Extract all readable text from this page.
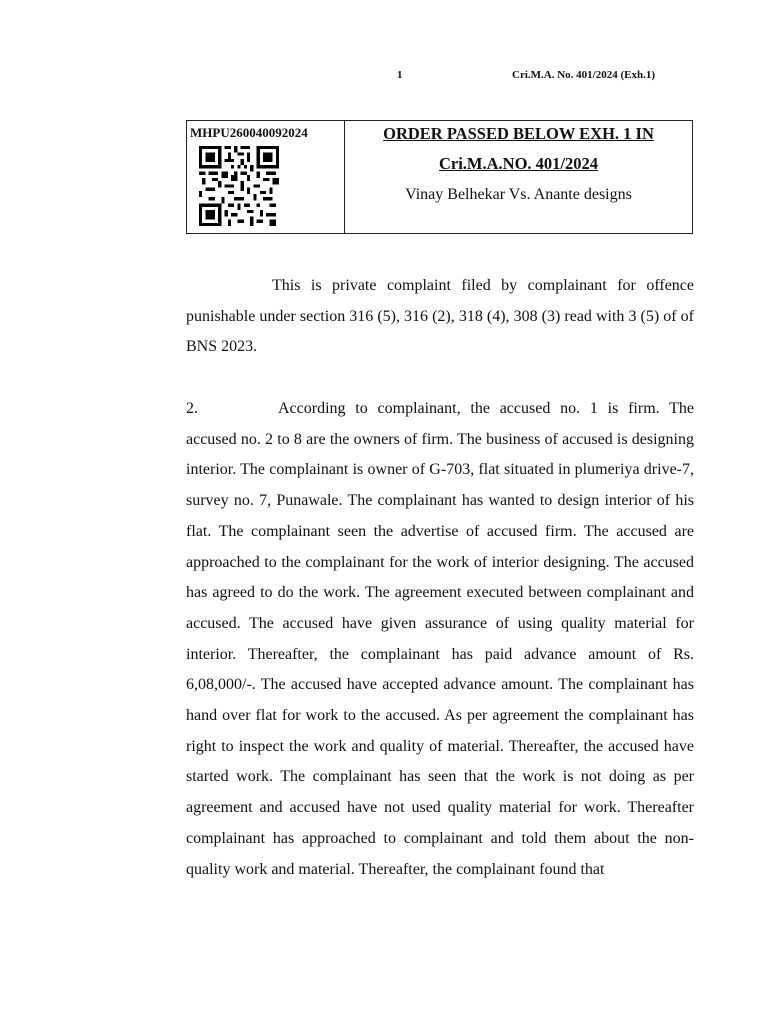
1	Cri.M.A. No. 401/2024 (Exh.1)
MHPU260040092024	ORDER PASSED BELOW EXH. 1 IN
Cri.M.A.NO. 401/2024
Vinay Belhekar Vs. Anante designs
This is private complaint filed by complainant for offence punishable under section 316 (5), 316 (2), 318 (4), 308 (3) read with 3 (5) of of BNS 2023.
2.	According to complainant, the accused no. 1 is firm. The accused no. 2 to 8 are the owners of firm. The business of accused is designing interior. The complainant is owner of G-703, flat situated in plumeriya drive-7, survey no. 7, Punawale. The complainant has wanted to design interior of his flat. The complainant seen the advertise of accused firm. The accused are approached to the complainant for the work of interior designing. The accused has agreed to do the work. The agreement executed between complainant and accused. The accused have given assurance of using quality material for interior. Thereafter, the complainant has paid advance amount of Rs. 6,08,000/-. The accused have accepted advance amount. The complainant has hand over flat for work to the accused. As per agreement the complainant has right to inspect the work and quality of material. Thereafter, the accused have started work. The complainant has seen that the work is not doing as per agreement and accused have not used quality material for work. Thereafter complainant has approached to complainant and told them about the non-quality work and material. Thereafter, the complainant found that
